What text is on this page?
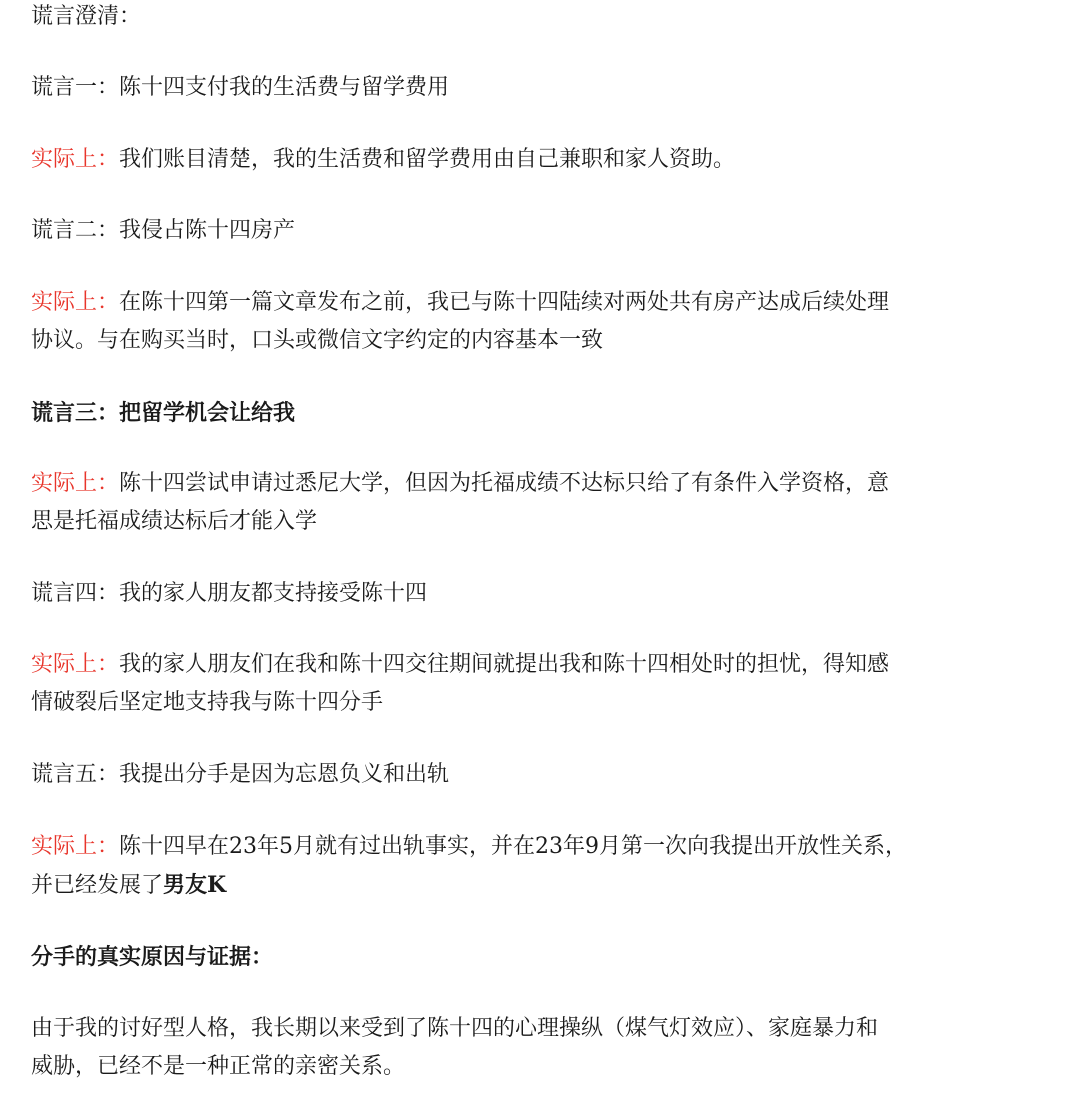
谎言澄清：

谎言一：陈十四支付我的生活费与留学费用

实际上：我们账目清楚，我的生活费和留学费用由自己兼职和家人资助。

谎言二：我侵占陈十四房产

实际上：在陈十四第一篇文章发布之前，我已与陈十四陆续对两处共有房产达成后续处理
协议。与在购买当时，口头或微信文字约定的内容基本一致

谎言三：把留学机会让给我

实际上：陈十四尝试申请过悉尼大学，但因为托福成绩不达标只给了有条件入学资格，意
思是托福成绩达标后才能入学

谎言四：我的家人朋友都支持接受陈十四

实际上：我的家人朋友们在我和陈十四交往期间就提出我和陈十四相处时的担忧，得知感
情破裂后坚定地支持我与陈十四分手

谎言五：我提出分手是因为忘恩负义和出轨

实际上：陈十四早在23年5月就有过出轨事实，并在23年9月第一次向我提出开放性关系，
并已经发展了男友K

分手的真实原因与证据：

由于我的讨好型人格，我长期以来受到了陈十四的心理操纵（煤气灯效应）、家庭暴力和
威胁，已经不是一种正常的亲密关系。
